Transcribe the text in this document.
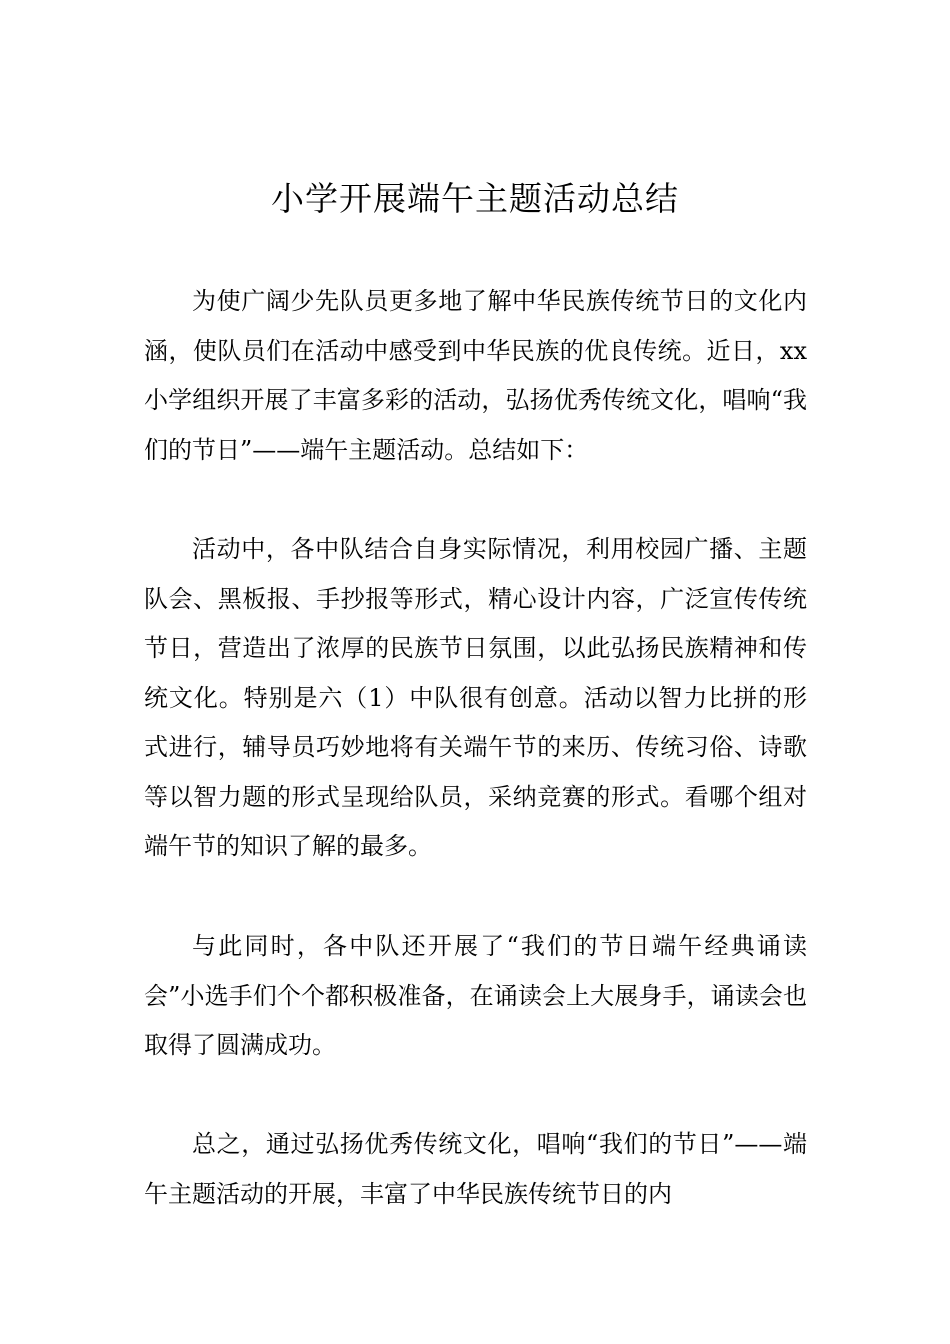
小学开展端午主题活动总结

为使广阔少先队员更多地了解中华民族传统节日的文化内涵，使队员们在活动中感受到中华民族的优良传统。近日，xx小学组织开展了丰富多彩的活动，弘扬优秀传统文化，唱响“我们的节日”——端午主题活动。总结如下：

活动中，各中队结合自身实际情况，利用校园广播、主题队会、黑板报、手抄报等形式，精心设计内容，广泛宣传传统节日，营造出了浓厚的民族节日氛围，以此弘扬民族精神和传统文化。特别是六（1）中队很有创意。活动以智力比拼的形式进行，辅导员巧妙地将有关端午节的来历、传统习俗、诗歌等以智力题的形式呈现给队员，采纳竞赛的形式。看哪个组对端午节的知识了解的最多。

与此同时，各中队还开展了“我们的节日端午经典诵读会”小选手们个个都积极准备，在诵读会上大展身手，诵读会也取得了圆满成功。

总之，通过弘扬优秀传统文化，唱响“我们的节日”——端午主题活动的开展，丰富了中华民族传统节日的内
